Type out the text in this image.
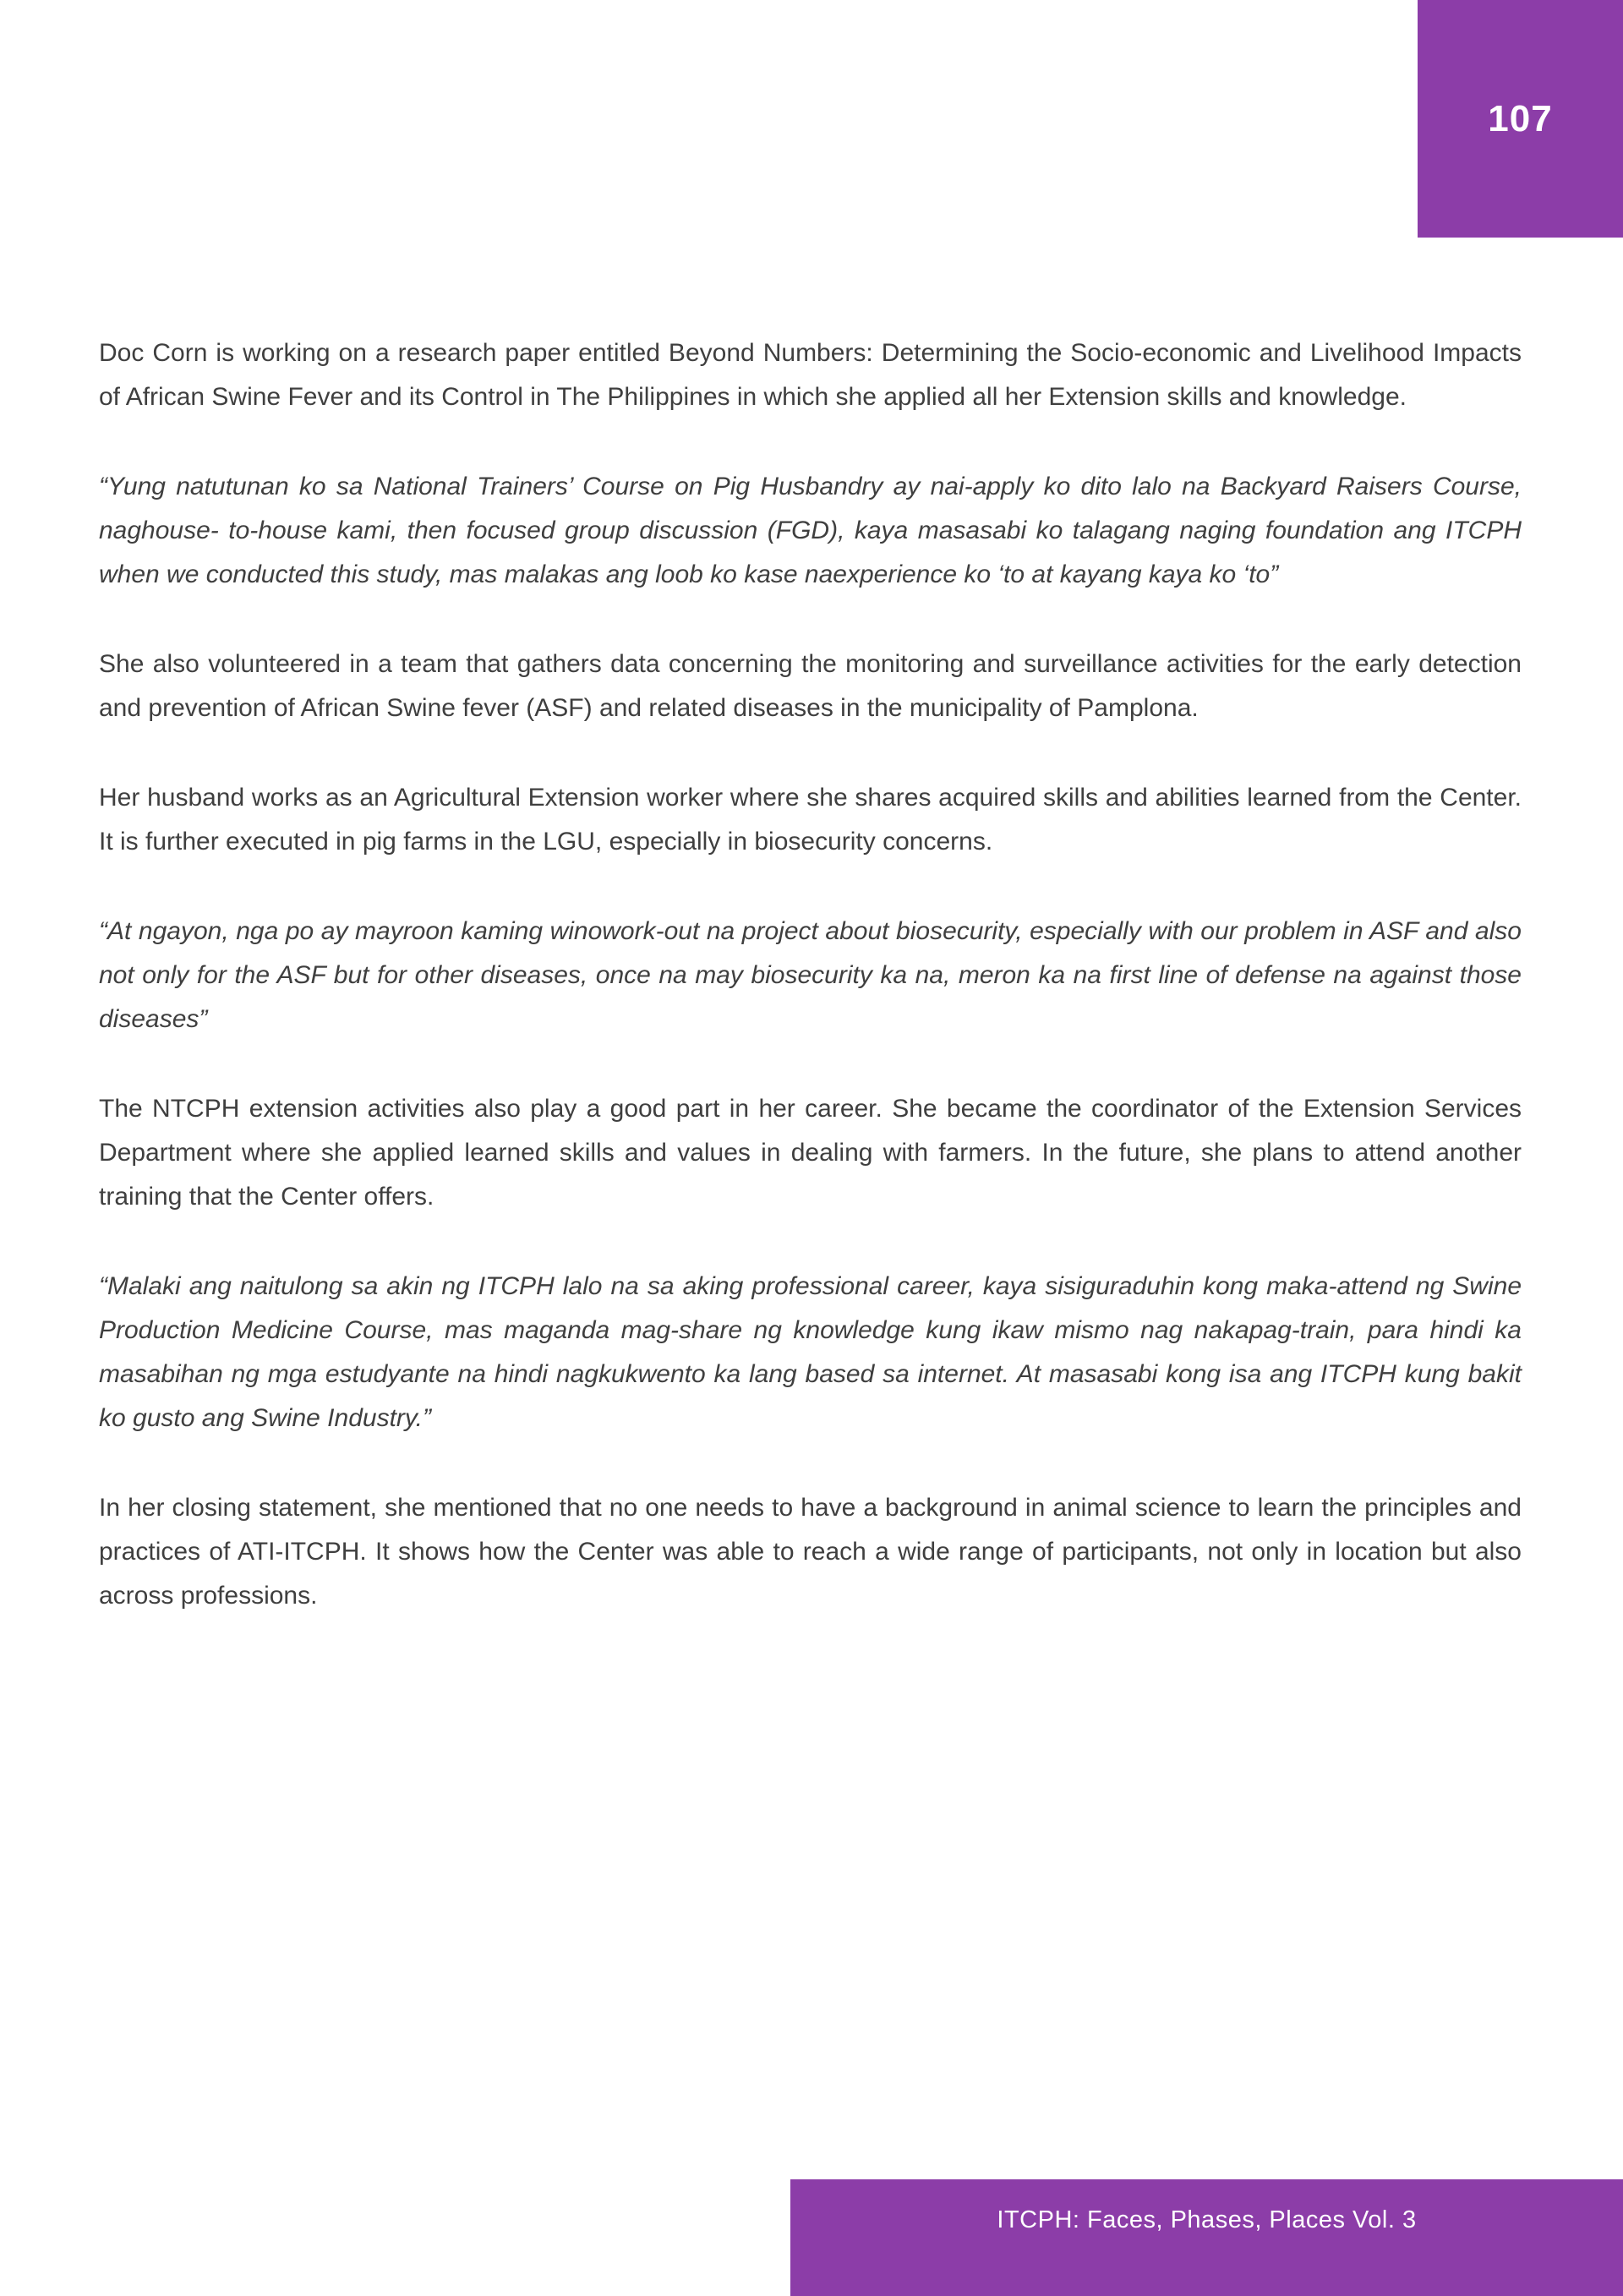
107

Doc Corn is working on a research paper entitled Beyond Numbers: Determining the Socio-economic and Livelihood Impacts of African Swine Fever and its Control in The Philippines in which she applied all her Extension skills and knowledge.

“Yung natutunan ko sa National Trainers’ Course on Pig Husbandry ay nai-apply ko dito lalo na Backyard Raisers Course, naghouse- to-house kami, then focused group discussion (FGD), kaya masasabi ko talagang naging foundation ang ITCPH when we conducted this study, mas malakas ang loob ko kase naexperience ko ‘to at kayang kaya ko ‘to”

She also volunteered in a team that gathers data concerning the monitoring and surveillance activities for the early detection and prevention of African Swine fever (ASF) and related diseases in the municipality of Pamplona.

Her husband works as an Agricultural Extension worker where she shares acquired skills and abilities learned from the Center. It is further executed in pig farms in the LGU, especially in biosecurity concerns.

“At ngayon, nga po ay mayroon kaming winowork-out na project about biosecurity, especially with our problem in ASF and also not only for the ASF but for other diseases, once na may biosecurity ka na, meron ka na first line of defense na against those diseases”

The NTCPH extension activities also play a good part in her career. She became the coordinator of the Extension Services Department where she applied learned skills and values in dealing with farmers. In the future, she plans to attend another training that the Center offers.

“Malaki ang naitulong sa akin ng ITCPH lalo na sa aking professional career, kaya sisiguraduhin kong maka-attend ng Swine Production Medicine Course, mas maganda mag-share ng knowledge kung ikaw mismo nag nakapag-train, para hindi ka masabihan ng mga estudyante na hindi nagkukwento ka lang based sa internet. At masasabi kong isa ang ITCPH kung bakit ko gusto ang Swine Industry.”

In her closing statement, she mentioned that no one needs to have a background in animal science to learn the principles and practices of ATI-ITCPH. It shows how the Center was able to reach a wide range of participants, not only in location but also across professions.

ITCPH: Faces, Phases, Places Vol. 3
